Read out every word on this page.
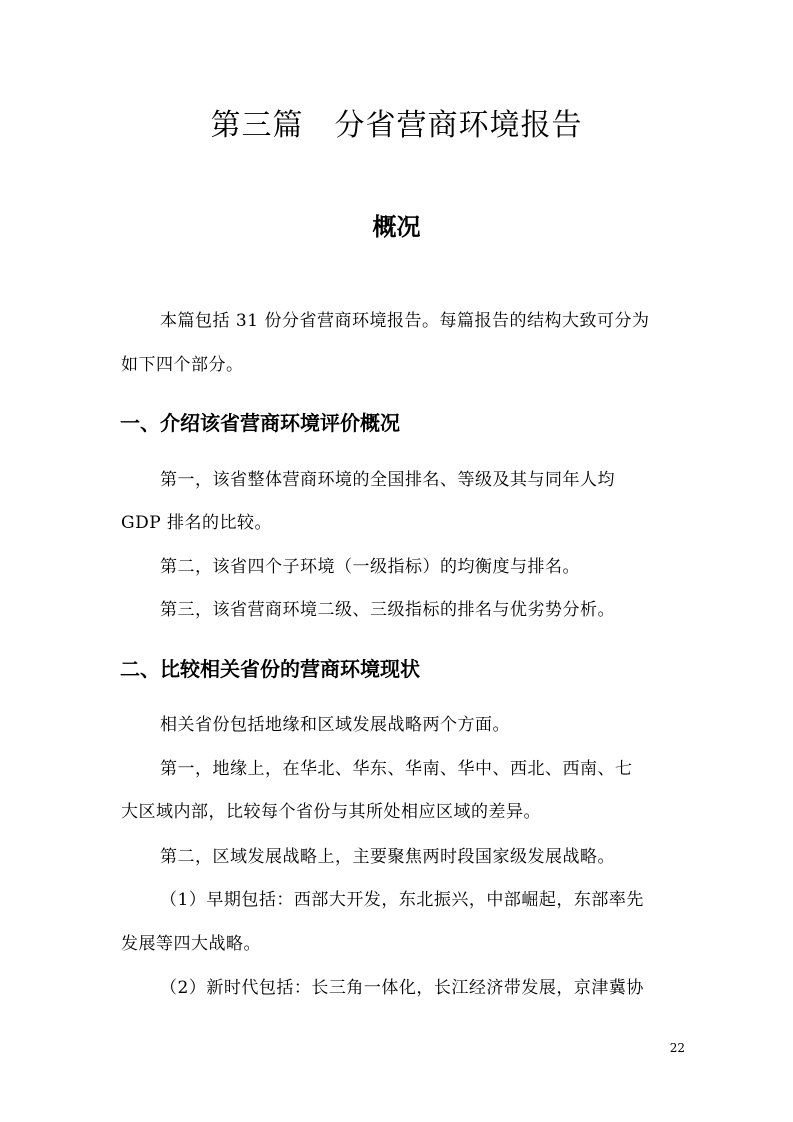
第三篇　分省营商环境报告
概况
本篇包括 31 份分省营商环境报告。每篇报告的结构大致可分为
如下四个部分。
一、介绍该省营商环境评价概况
第一，该省整体营商环境的全国排名、等级及其与同年人均
GDP 排名的比较。
第二，该省四个子环境（一级指标）的均衡度与排名。
第三，该省营商环境二级、三级指标的排名与优劣势分析。
二、比较相关省份的营商环境现状
相关省份包括地缘和区域发展战略两个方面。
第一，地缘上，在华北、华东、华南、华中、西北、西南、七
大区域内部，比较每个省份与其所处相应区域的差异。
第二，区域发展战略上，主要聚焦两时段国家级发展战略。
（1）早期包括：西部大开发，东北振兴，中部崛起，东部率先
发展等四大战略。
（2）新时代包括：长三角一体化，长江经济带发展，京津冀协
22
